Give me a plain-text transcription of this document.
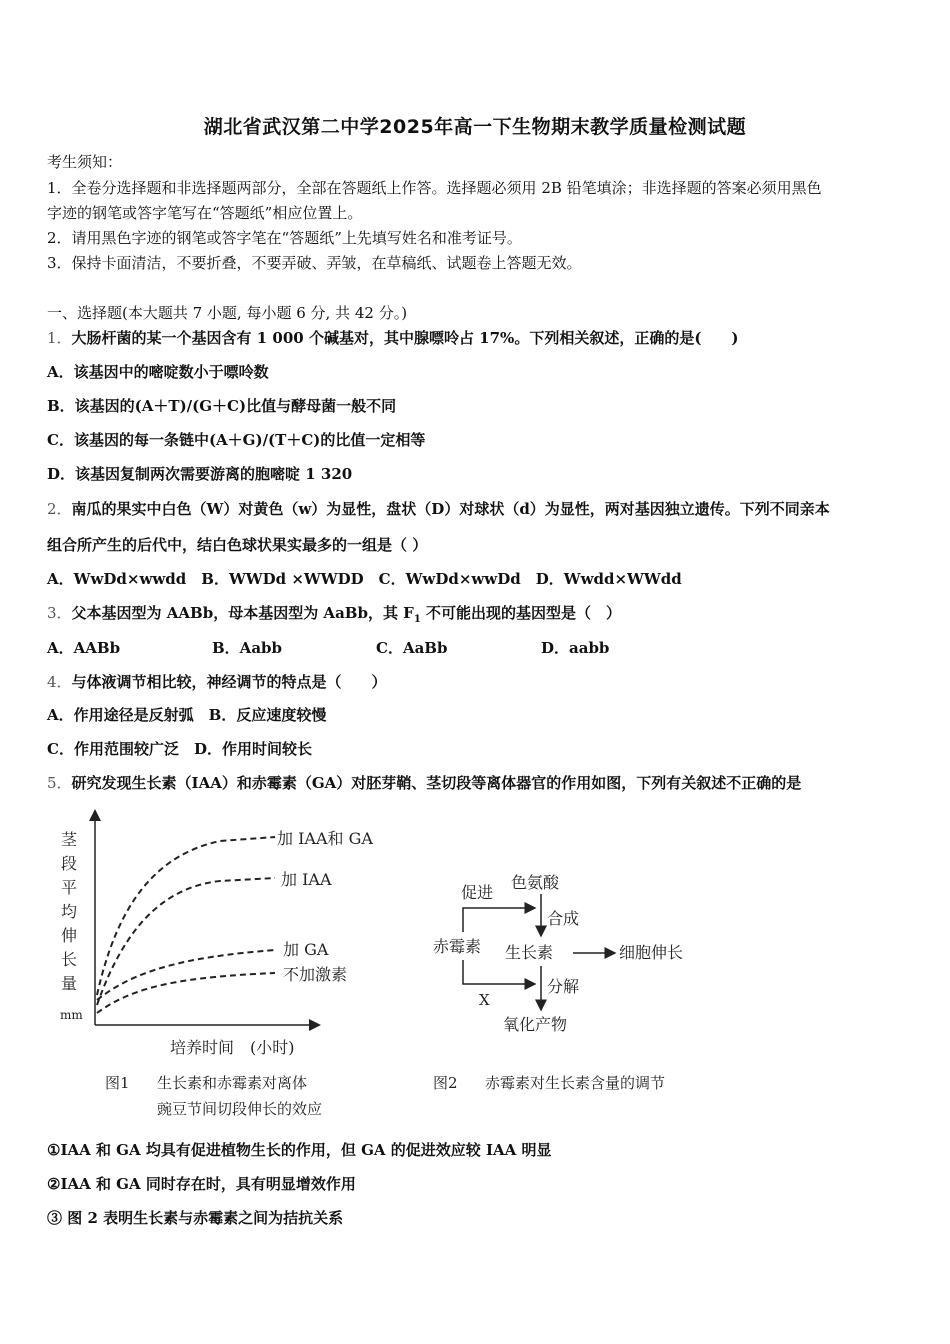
湖北省武汉第二中学2025年高一下生物期末教学质量检测试题
考生须知：
1．全卷分选择题和非选择题两部分，全部在答题纸上作答。选择题必须用 2B 铅笔填涂；非选择题的答案必须用黑色
字迹的钢笔或答字笔写在“答题纸”相应位置上。
2．请用黑色字迹的钢笔或答字笔在“答题纸”上先填写姓名和准考证号。
3．保持卡面清洁，不要折叠，不要弄破、弄皱，在草稿纸、试题卷上答题无效。
一、选择题(本大题共 7 小题, 每小题 6 分, 共 42 分。)
1．大肠杆菌的某一个基因含有 1 000 个碱基对，其中腺嘌呤占 17%。下列相关叙述，正确的是(　　)
A．该基因中的嘧啶数小于嘌呤数
B．该基因的(A＋T)/(G＋C)比值与酵母菌一般不同
C．该基因的每一条链中(A＋G)/(T＋C)的比值一定相等
D．该基因复制两次需要游离的胞嘧啶 1 320
2．南瓜的果实中白色（W）对黄色（w）为显性，盘状（D）对球状（d）为显性，两对基因独立遗传。下列不同亲本
组合所产生的后代中，结白色球状果实最多的一组是（ ）
A．WwDd×wwdd　B．WWDd ×WWDD　C．WwDd×wwDd　D．Wwdd×WWdd
3．父本基因型为 AABb，母本基因型为 AaBb，其 $F_1$ 不可能出现的基因型是（　）
A．AABb	B．Aabb	C．AaBb	D．aabb
4．与体液调节相比较，神经调节的特点是（　　）
A．作用途径是反射弧　B．反应速度较慢
C．作用范围较广泛　D．作用时间较长
5．研究发现生长素（IAA）和赤霉素（GA）对胚芽鞘、茎切段等离体器官的作用如图，下列有关叙述不正确的是
茎
段
平
均
伸
长
量
mm
加 IAA和 GA
加 IAA
加 GA
不加激素
培养时间　(小时)
图1 生长素和赤霉素对离体
豌豆节间切段伸长的效应
促进
色氨酸
合成
赤霉素 生长素	细胞伸长
X
分解
氧化产物
图2 赤霉素对生长素含量的调节
①IAA 和 GA 均具有促进植物生长的作用，但 GA 的促进效应较 IAA 明显
②IAA 和 GA 同时存在时，具有明显增效作用
③ 图 2 表明生长素与赤霉素之间为拮抗关系
